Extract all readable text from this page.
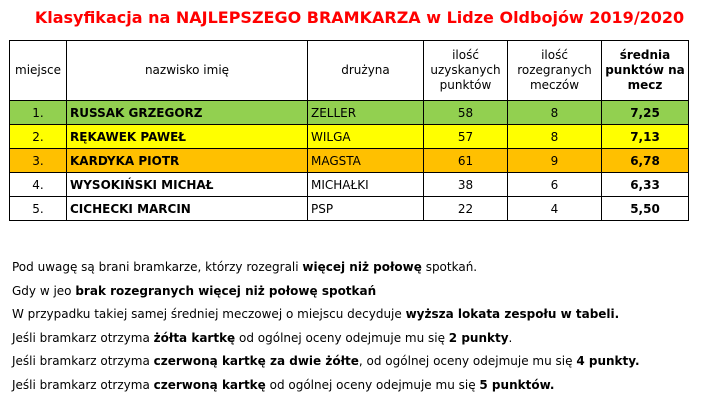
Klasyfikacja na NAJLEPSZEGO BRAMKARZA w Lidze Oldbojów 2019/2020
miejsce	nazwisko imię	drużyna	ilość uzyskanych punktów	ilość rozegranych meczów	średnia punktów na mecz
1.	RUSSAK GRZEGORZ	ZELLER	58	8	7,25
2.	RĘKAWEK PAWEŁ	WILGA	57	8	7,13
3.	KARDYKA PIOTR	MAGSTA	61	9	6,78
4.	WYSOKIŃSKI MICHAŁ	MICHAŁKI	38	6	6,33
5.	CICHECKI MARCIN	PSP	22	4	5,50
Pod uwagę są brani bramkarze, którzy rozegrali więcej niż połowę spotkań.
Gdy w jeo brak rozegranych więcej niż połowę spotkań
W przypadku takiej samej średniej meczowej o miejscu decyduje wyższa lokata zespołu w tabeli.
Jeśli bramkarz otrzyma żółta kartkę od ogólnej oceny odejmuje mu się 2 punkty.
Jeśli bramkarz otrzyma czerwoną kartkę za dwie żółte, od ogólnej oceny odejmuje mu się 4 punkty.
Jeśli bramkarz otrzyma czerwoną kartkę od ogólnej oceny odejmuje mu się 5 punktów.
